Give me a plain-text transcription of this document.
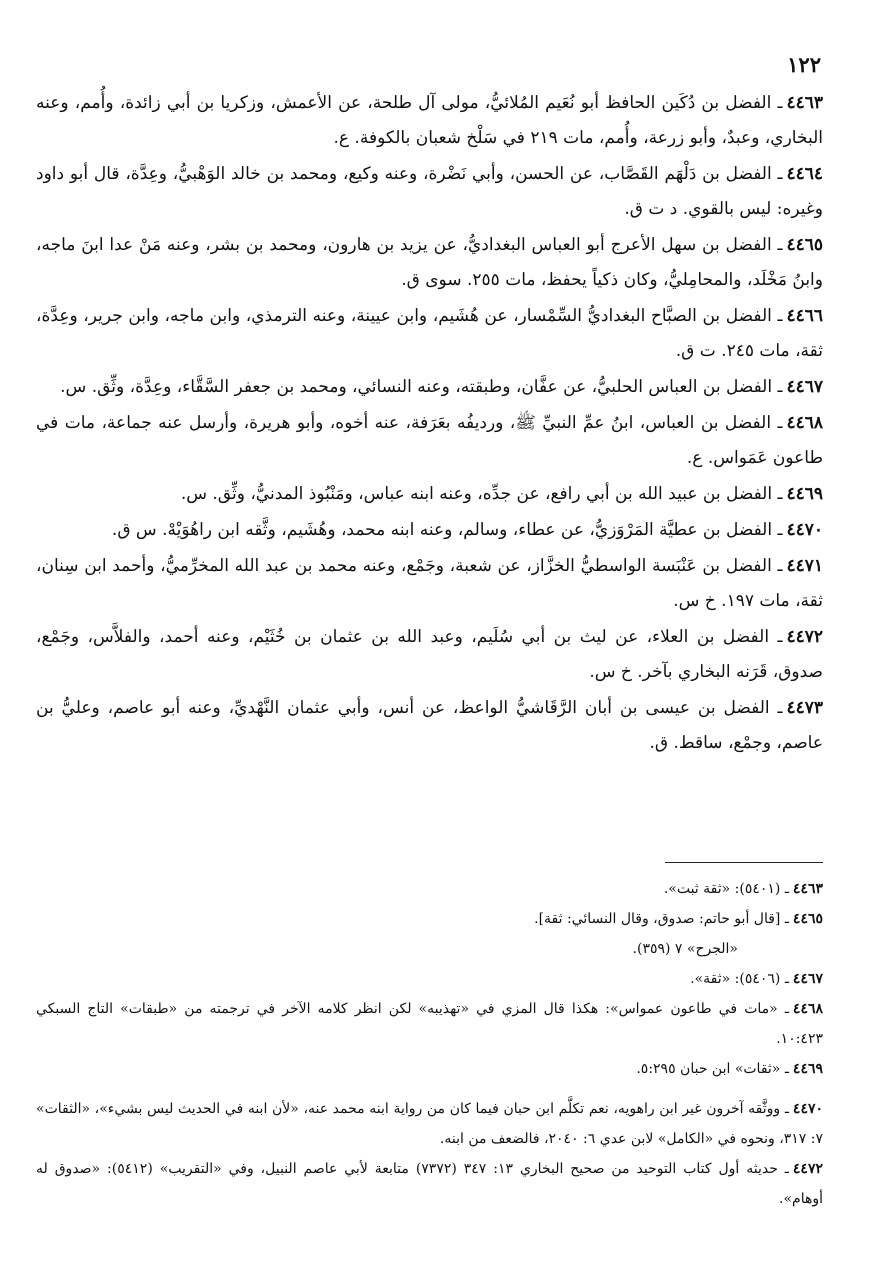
١٢٢
٤٤٦٣ـ الفضل بن دُكَين الحافظ أبو نُعَيم المُلائيُّ، مولى آل طلحة، عن الأعمش، وزكريا بن أبي زائدة، وأُمم، وعنه البخاري، وعبدٌ، وأبو زرعة، وأُمم، مات ٢١٩ في سَلْخ شعبان بالكوفة. ع.
٤٤٦٤ـ الفضل بن دَلْهَم القَصَّاب، عن الحسن، وأبي نَضْرة، وعنه وكيع، ومحمد بن خالد الوَهْبيُّ، وعِدَّة، قال أبو داود وغيره: ليس بالقوي. د ت ق.
٤٤٦٥ـ الفضل بن سهل الأعرج أبو العباس البغداديُّ، عن يزيد بن هارون، ومحمد بن بشر، وعنه مَنْ عدا ابنَ ماجه، وابنُ مَخْلَد، والمحامِليُّ، وكان ذكياً يحفظ، مات ٢٥٥. سوى ق.
٤٤٦٦ـ الفضل بن الصبَّاح البغداديُّ السِّمْسار، عن هُشَيم، وابن عيينة، وعنه الترمذي، وابن ماجه، وابن جرير، وعِدَّة، ثقة، مات ٢٤٥. ت ق.
٤٤٦٧ـ الفضل بن العباس الحلبيُّ، عن عفَّان، وطبقته، وعنه النسائي، ومحمد بن جعفر السَّقَّاء، وعِدَّة، وثِّق. س.
٤٤٦٨ـ الفضل بن العباس، ابنُ عمِّ النبيِّ ﷺ، ورديفُه بعَرَفة، عنه أخوه، وأبو هريرة، وأرسل عنه جماعة، مات في طاعون عَمَواس. ع.
٤٤٦٩ـ الفضل بن عبيد الله بن أبي رافع، عن جدِّه، وعنه ابنه عباس، ومَنْبُوذ المدنيُّ، وثِّق. س.
٤٤٧٠ـ الفضل بن عطيَّة المَرْوَزيُّ، عن عطاء، وسالم، وعنه ابنه محمد، وهُشَيم، وثَّقه ابن راهُوَيْهْ. س ق.
٤٤٧١ـ الفضل بن عَنْبَسة الواسطيُّ الخزَّاز، عن شعبة، وجَمْع، وعنه محمد بن عبد الله المخرِّميُّ، وأحمد ابن سِنان، ثقة، مات ١٩٧. خ س.
٤٤٧٢ـ الفضل بن العلاء، عن ليث بن أبي سُلَيم، وعبد الله بن عثمان بن خُثَيْم، وعنه أحمد، والفلاَّس، وجَمْع، صدوق، قَرَنه البخاري بآخر. خ س.
٤٤٧٣ـ الفضل بن عيسى بن أبان الرَّقَاشيُّ الواعظ، عن أنس، وأبي عثمان النَّهْديِّ، وعنه أبو عاصم، وعليُّ بن عاصم، وجمْع، ساقط. ق.
٤٤٦٣ـ (٥٤٠١): «ثقة ثبت».
٤٤٦٥ـ [قال أبو حاتم: صدوق، وقال النسائي: ثقة].
«الجرح» ٧ (٣٥٩).
٤٤٦٧ـ (٥٤٠٦): «ثقة».
٤٤٦٨ـ «مات في طاعون عمواس»: هكذا قال المزي في «تهذيبه» لكن انظر كلامه الآخر في ترجمته من «طبقات» التاج السبكي ١٠:٤٢٣.
٤٤٦٩ـ «ثقات» ابن حبان ٥:٢٩٥.
٤٤٧٠ـ ووثَّقه آخرون غير ابن راهويه، نعم تكلَّم ابن حبان فيما كان من رواية ابنه محمد عنه، «لأن ابنه في الحديث ليس بشيء»، «الثقات» ٧: ٣١٧، ونحوه في «الكامل» لابن عدي ٦: ٢٠٤٠، فالضعف من ابنه.
٤٤٧٢ـ حديثه أول كتاب التوحيد من صحيح البخاري ١٣: ٣٤٧ (٧٣٧٢) متابعة لأبي عاصم النبيل، وفي «التقريب» (٥٤١٢): «صدوق له أوهام».
